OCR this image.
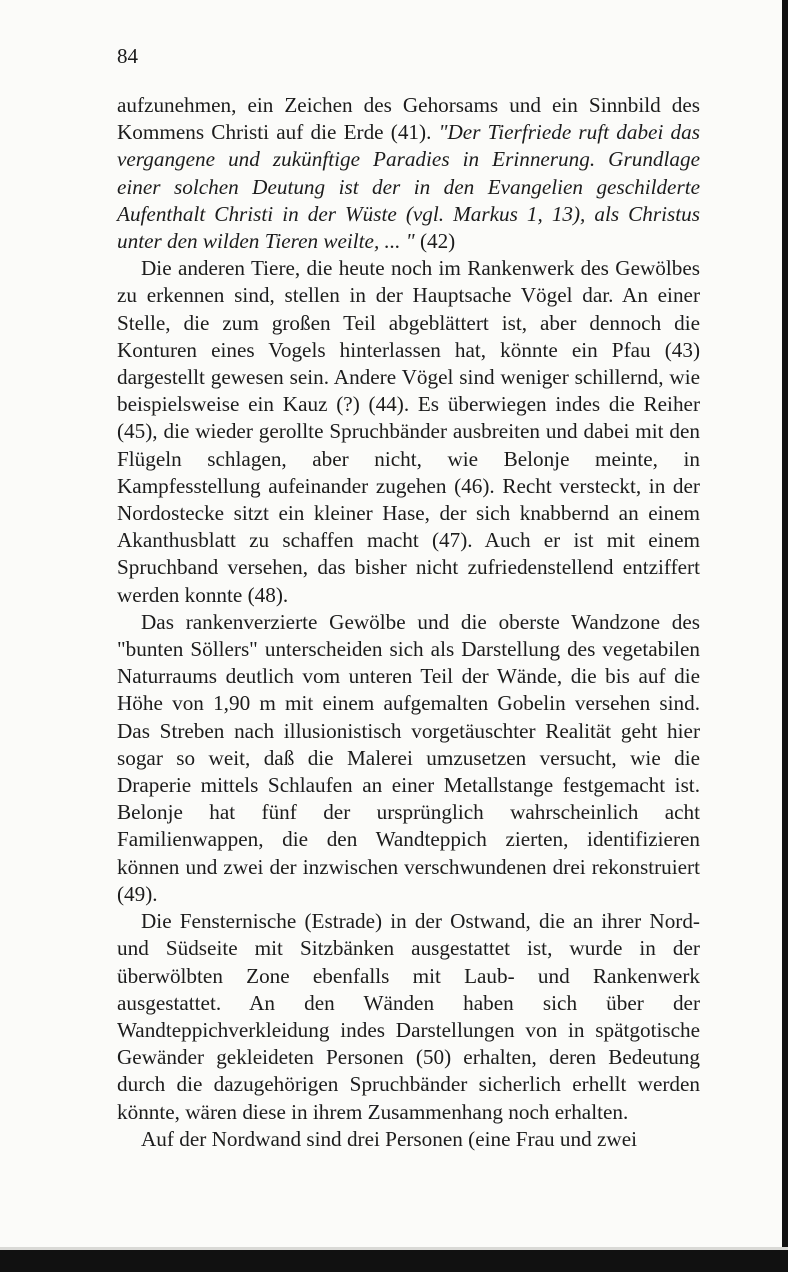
84

aufzunehmen, ein Zeichen des Gehorsams und ein Sinnbild des Kommens Christi auf die Erde (41). "Der Tierfriede ruft dabei das vergangene und zukünftige Paradies in Erinnerung. Grundlage einer solchen Deutung ist der in den Evangelien geschilderte Aufenthalt Christi in der Wüste (vgl. Markus 1, 13), als Christus unter den wilden Tieren weilte, ... " (42)

Die anderen Tiere, die heute noch im Rankenwerk des Gewölbes zu erkennen sind, stellen in der Hauptsache Vögel dar. An einer Stelle, die zum großen Teil abgeblättert ist, aber dennoch die Konturen eines Vogels hinterlassen hat, könnte ein Pfau (43) dargestellt gewesen sein. Andere Vögel sind weniger schillernd, wie beispielsweise ein Kauz (?) (44). Es überwiegen indes die Reiher (45), die wieder gerollte Spruchbänder ausbreiten und dabei mit den Flügeln schlagen, aber nicht, wie Belonje meinte, in Kampfesstellung aufeinander zugehen (46). Recht versteckt, in der Nordostecke sitzt ein kleiner Hase, der sich knabbernd an einem Akanthusblatt zu schaffen macht (47). Auch er ist mit einem Spruchband versehen, das bisher nicht zufriedenstellend entziffert werden konnte (48).

Das rankenverzierte Gewölbe und die oberste Wandzone des "bunten Söllers" unterscheiden sich als Darstellung des vegetabilen Naturraums deutlich vom unteren Teil der Wände, die bis auf die Höhe von 1,90 m mit einem aufgemalten Gobelin versehen sind. Das Streben nach illusionistisch vorgetäuschter Realität geht hier sogar so weit, daß die Malerei umzusetzen versucht, wie die Draperie mittels Schlaufen an einer Metallstange festgemacht ist. Belonje hat fünf der ursprünglich wahrscheinlich acht Familienwappen, die den Wandteppich zierten, identifizieren können und zwei der inzwischen verschwundenen drei rekonstruiert (49).

Die Fensternische (Estrade) in der Ostwand, die an ihrer Nord- und Südseite mit Sitzbänken ausgestattet ist, wurde in der überwölbten Zone ebenfalls mit Laub- und Rankenwerk ausgestattet. An den Wänden haben sich über der Wandteppichverkleidung indes Darstellungen von in spätgotische Gewänder gekleideten Personen (50) erhalten, deren Bedeutung durch die dazugehörigen Spruchbänder sicherlich erhellt werden könnte, wären diese in ihrem Zusammenhang noch erhalten.

Auf der Nordwand sind drei Personen (eine Frau und zwei
